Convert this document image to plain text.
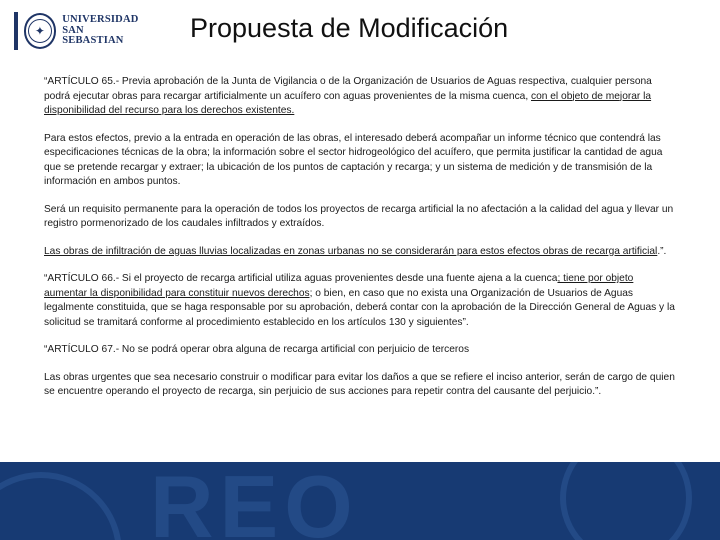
✦
UNIVERSIDAD
SAN SEBASTIAN	Propuesta de Modificación

“ARTÍCULO 65.- Previa aprobación de la Junta de Vigilancia o de la Organización de Usuarios de Aguas respectiva, cualquier persona podrá ejecutar obras para recargar artificialmente un acuífero con aguas provenientes de la misma cuenca, con el objeto de mejorar la disponibilidad del recurso para los derechos existentes.

Para estos efectos, previo a la entrada en operación de las obras, el interesado deberá acompañar un informe técnico que contendrá las especificaciones técnicas de la obra; la información sobre el sector hidrogeológico del acuífero, que permita justificar la cantidad de agua que se pretende recargar y extraer; la ubicación de los puntos de captación y recarga; y un sistema de medición y de transmisión de la información en ambos puntos.

Será un requisito permanente para la operación de todos los proyectos de recarga artificial la no afectación a la calidad del agua y llevar un registro pormenorizado de los caudales infiltrados y extraídos.

Las obras de infiltración de aguas lluvias localizadas en zonas urbanas no se considerarán para estos efectos obras de recarga artificial.”.

“ARTÍCULO 66.- Si el proyecto de recarga artificial utiliza aguas provenientes desde una fuente ajena a la cuenca; tiene por objeto aumentar la disponibilidad para constituir nuevos derechos; o bien, en caso que no exista una Organización de Usuarios de Aguas legalmente constituida, que se haga responsable por su aprobación, deberá contar con la aprobación de la Dirección General de Aguas y la solicitud se tramitará conforme al procedimiento establecido en los artículos 130 y siguientes”.

“ARTÍCULO 67.- No se podrá operar obra alguna de recarga artificial con perjuicio de terceros

Las obras urgentes que sea necesario construir o modificar para evitar los daños a que se refiere el inciso anterior, serán de cargo de quien se encuentre operando el proyecto de recarga, sin perjuicio de sus acciones para repetir contra del causante del perjuicio.”.

REO
